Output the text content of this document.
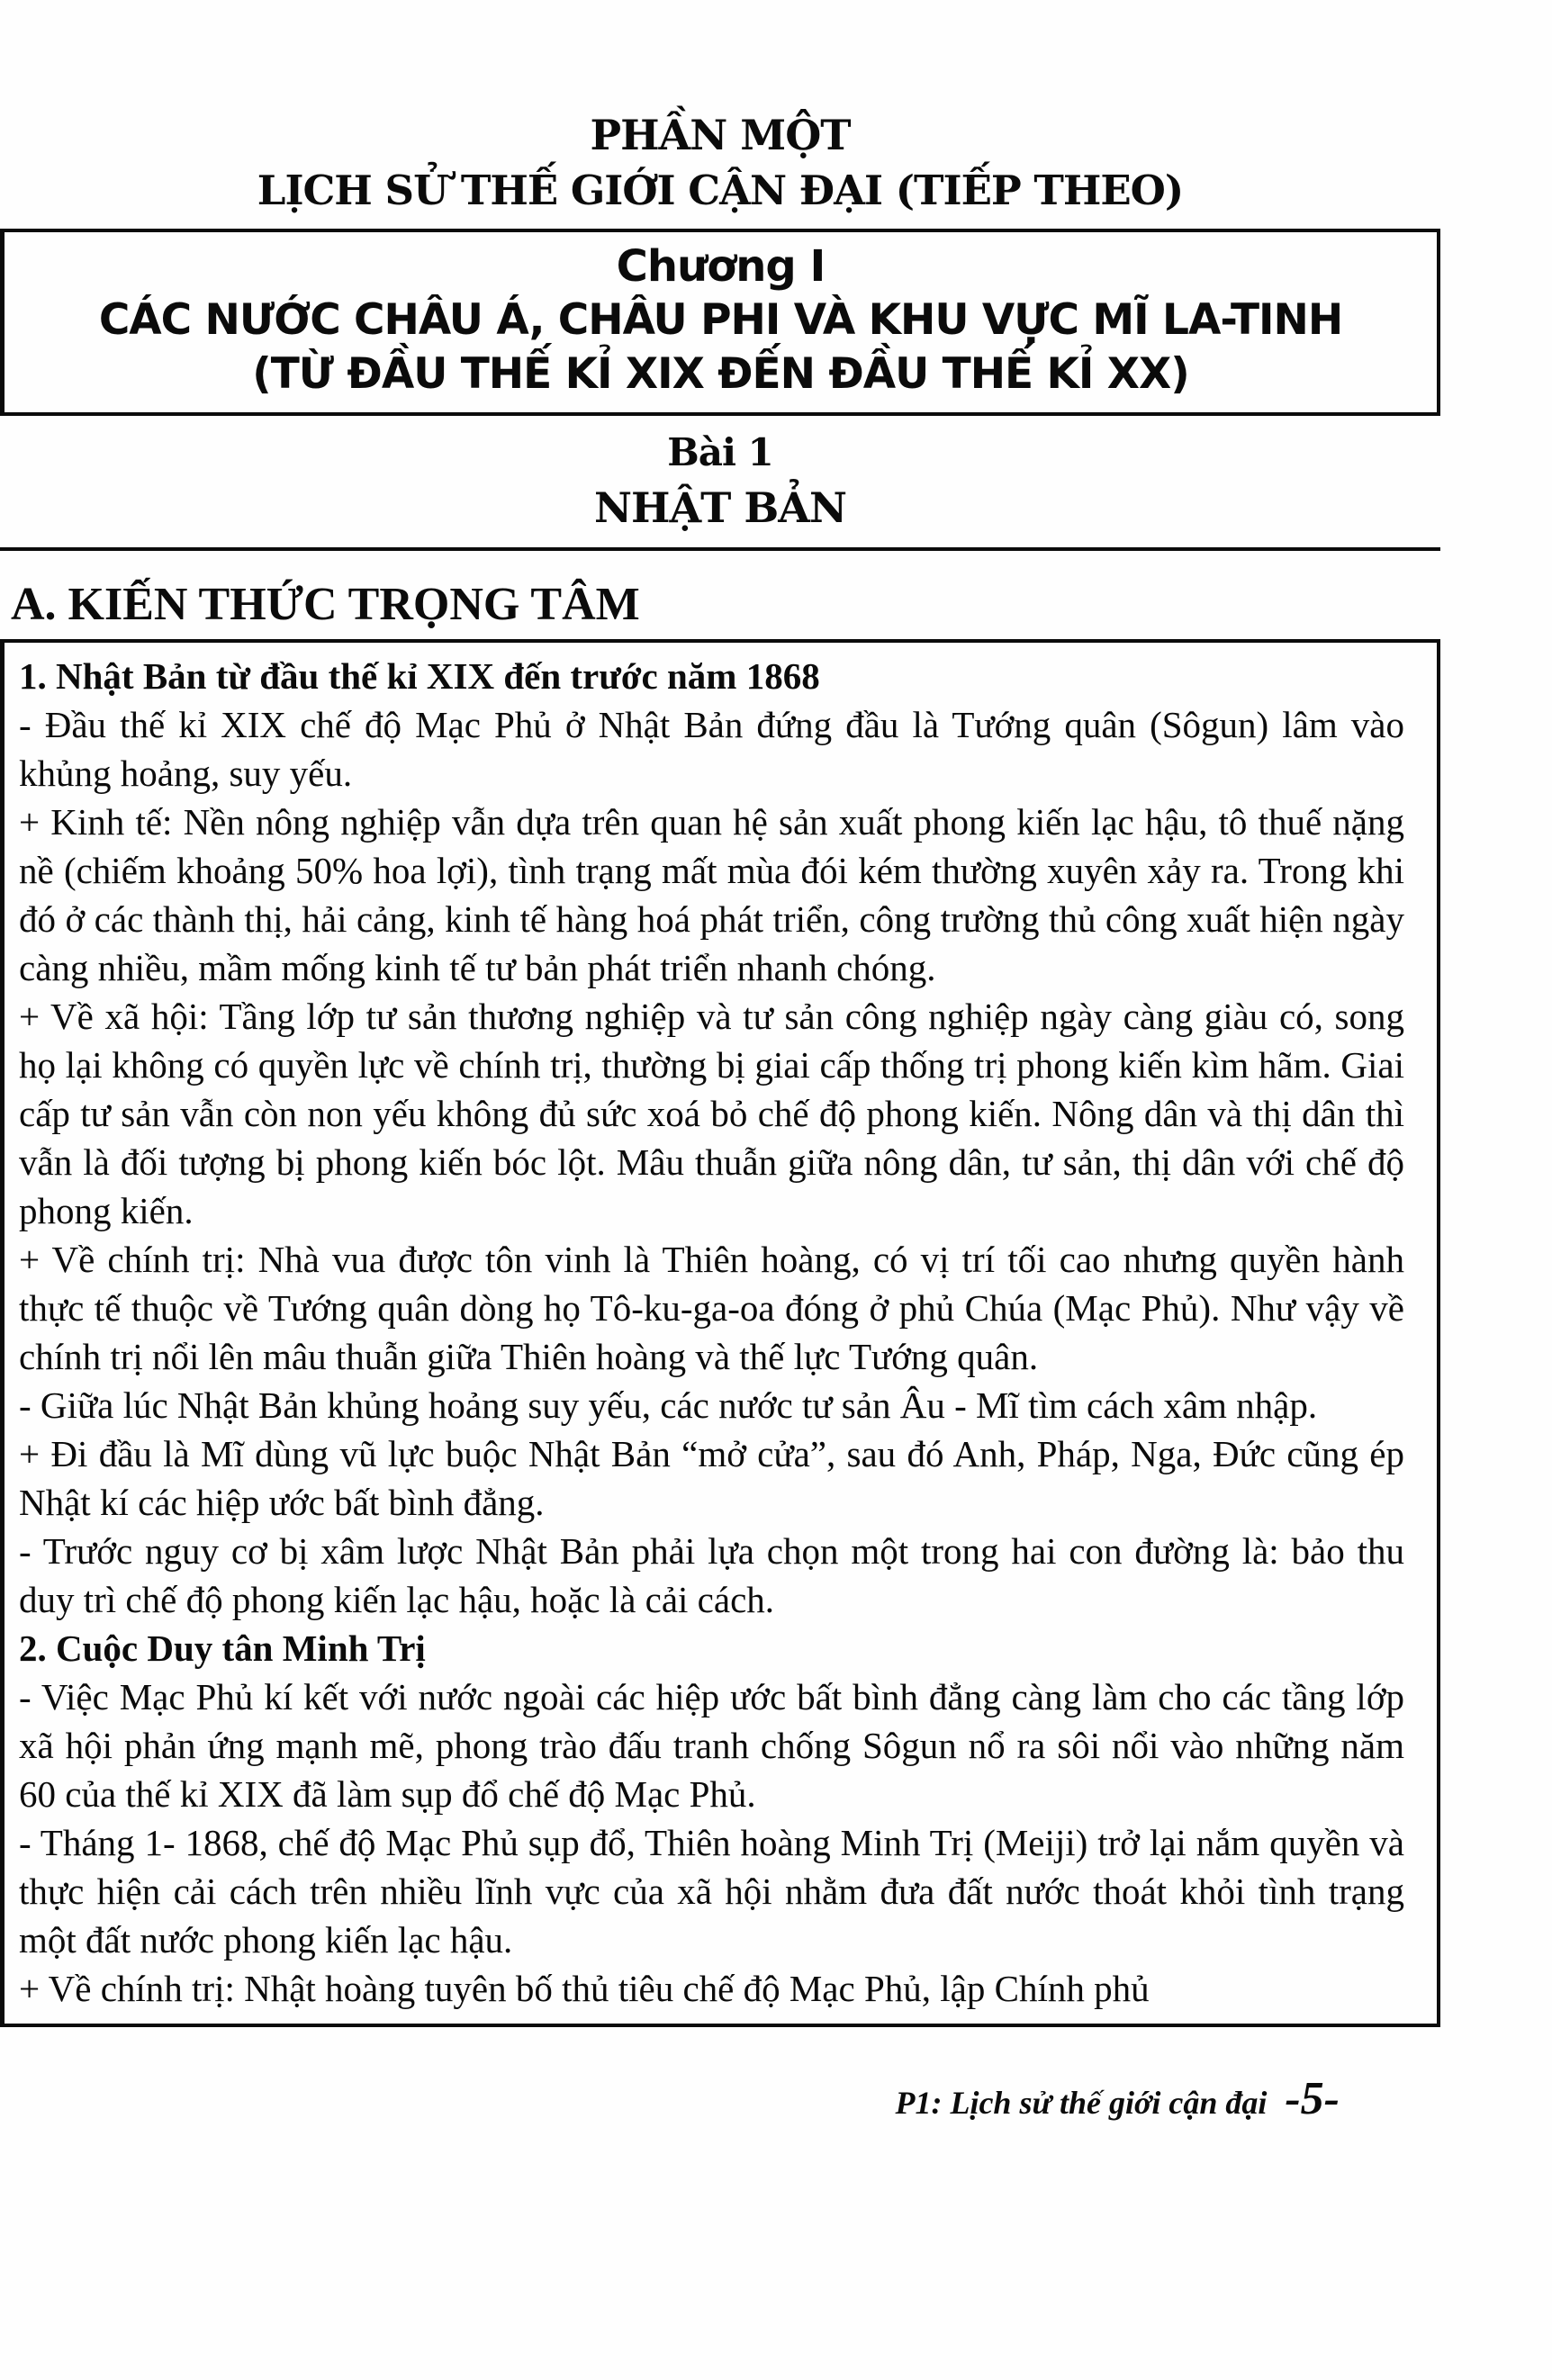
PHẦN MỘT
LỊCH SỬ THẾ GIỚI CẬN ĐẠI (TIẾP THEO)
Chương I
CÁC NƯỚC CHÂU Á, CHÂU PHI VÀ KHU VỰC MĨ LA-TINH
(TỪ ĐẦU THẾ KỈ XIX ĐẾN ĐẦU THẾ KỈ XX)
Bài 1
NHẬT BẢN
A. KIẾN THỨC TRỌNG TÂM

1. Nhật Bản từ đầu thế kỉ XIX đến trước năm 1868

- Đầu thế kỉ XIX chế độ Mạc Phủ ở Nhật Bản đứng đầu là Tướng quân (Sôgun) lâm vào khủng hoảng, suy yếu.

+ Kinh tế: Nền nông nghiệp vẫn dựa trên quan hệ sản xuất phong kiến lạc hậu, tô thuế nặng nề (chiếm khoảng 50% hoa lợi), tình trạng mất mùa đói kém thường xuyên xảy ra. Trong khi đó ở các thành thị, hải cảng, kinh tế hàng hoá phát triển, công trường thủ công xuất hiện ngày càng nhiều, mầm mống kinh tế tư bản phát triển nhanh chóng.

+ Về xã hội: Tầng lớp tư sản thương nghiệp và tư sản công nghiệp ngày càng giàu có, song họ lại không có quyền lực về chính trị, thường bị giai cấp thống trị phong kiến kìm hãm. Giai cấp tư sản vẫn còn non yếu không đủ sức xoá bỏ chế độ phong kiến. Nông dân và thị dân thì vẫn là đối tượng bị phong kiến bóc lột. Mâu thuẫn giữa nông dân, tư sản, thị dân với chế độ phong kiến.

+ Về chính trị: Nhà vua được tôn vinh là Thiên hoàng, có vị trí tối cao nhưng quyền hành thực tế thuộc về Tướng quân dòng họ Tô-ku-ga-oa đóng ở phủ Chúa (Mạc Phủ). Như vậy về chính trị nổi lên mâu thuẫn giữa Thiên hoàng và thế lực Tướng quân.

- Giữa lúc Nhật Bản khủng hoảng suy yếu, các nước tư sản Âu - Mĩ tìm cách xâm nhập.

+ Đi đầu là Mĩ dùng vũ lực buộc Nhật Bản “mở cửa”, sau đó Anh, Pháp, Nga, Đức cũng ép Nhật kí các hiệp ước bất bình đẳng.

- Trước nguy cơ bị xâm lược Nhật Bản phải lựa chọn một trong hai con đường là: bảo thu duy trì chế độ phong kiến lạc hậu, hoặc là cải cách.

2. Cuộc Duy tân Minh Trị

- Việc Mạc Phủ kí kết với nước ngoài các hiệp ước bất bình đẳng càng làm cho các tầng lớp xã hội phản ứng mạnh mẽ, phong trào đấu tranh chống Sôgun nổ ra sôi nổi vào những năm 60 của thế kỉ XIX đã làm sụp đổ chế độ Mạc Phủ.

- Tháng 1- 1868, chế độ Mạc Phủ sụp đổ, Thiên hoàng Minh Trị (Meiji) trở lại nắm quyền và thực hiện cải cách trên nhiều lĩnh vực của xã hội nhằm đưa đất nước thoát khỏi tình trạng một đất nước phong kiến lạc hậu.

+ Về chính trị: Nhật hoàng tuyên bố thủ tiêu chế độ Mạc Phủ, lập Chính phủ

P1: Lịch sử thế giới cận đại -5-
